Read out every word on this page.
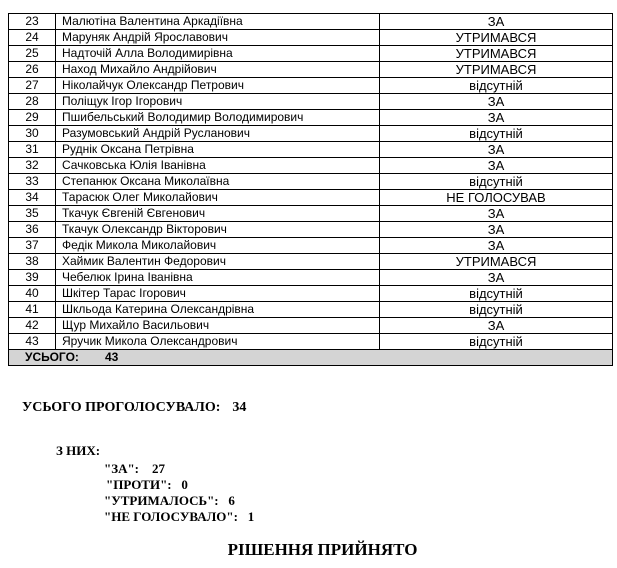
23	Малютіна Валентина Аркадіївна	ЗА
24	Маруняк Андрій Ярославович	УТРИМАВСЯ
25	Надточій Алла Володимирівна	УТРИМАВСЯ
26	Наход Михайло Андрійович	УТРИМАВСЯ
27	Ніколайчук Олександр Петрович	відсутній
28	Поліщук Ігор Ігорович	ЗА
29	Пшибельський Володимир Володимирович	ЗА
30	Разумовський Андрій Русланович	відсутній
31	Руднік Оксана Петрівна	ЗА
32	Сачковська Юлія Іванівна	ЗА
33	Степанюк Оксана Миколаївна	відсутній
34	Тарасюк Олег Миколайович	НЕ ГОЛОСУВАВ
35	Ткачук Євгеній Євгенович	ЗА
36	Ткачук Олександр Вікторович	ЗА
37	Федік Микола Миколайович	ЗА
38	Хаймик Валентин Федорович	УТРИМАВСЯ
39	Чебелюк Ірина Іванівна	ЗА
40	Шкітер Тарас Ігорович	відсутній
41	Шкльода Катерина Олександрівна	відсутній
42	Щур Михайло Васильович	ЗА
43	Яручик Микола Олександрович	відсутній
УСЬОГО: 43		
УСЬОГО ПРОГОЛОСУВАЛО: 34
З НИХ:
"ЗА": 27
"ПРОТИ": 0
"УТРИМАЛОСЬ": 6
"НЕ ГОЛОСУВАЛО": 1
РІШЕННЯ ПРИЙНЯТО
